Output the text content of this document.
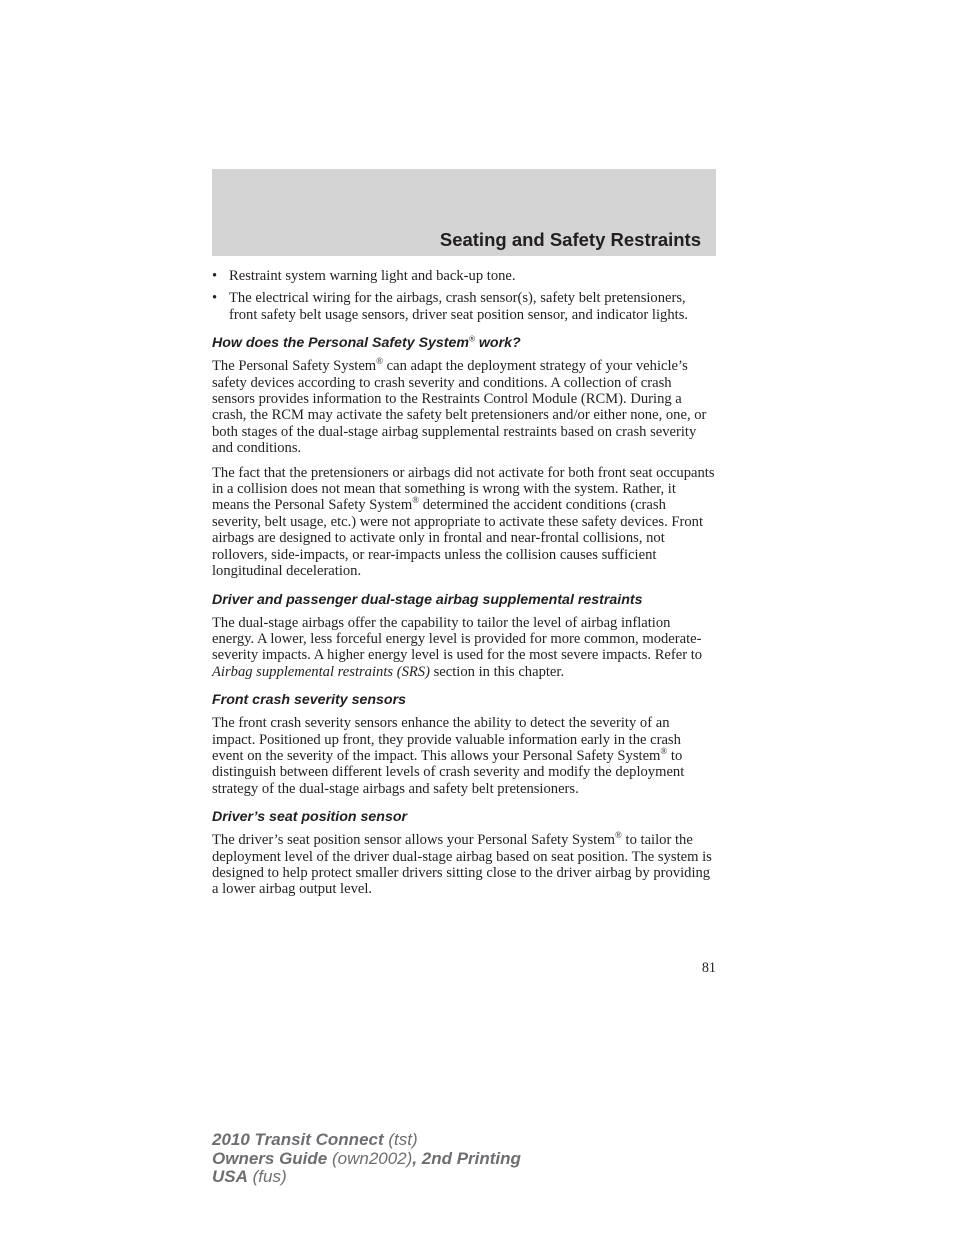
Seating and Safety Restraints
• Restraint system warning light and back-up tone.
• The electrical wiring for the airbags, crash sensor(s), safety belt pretensioners, front safety belt usage sensors, driver seat position sensor, and indicator lights.
How does the Personal Safety System® work?

The Personal Safety System® can adapt the deployment strategy of your vehicle’s safety devices according to crash severity and conditions. A collection of crash sensors provides information to the Restraints Control Module (RCM). During a crash, the RCM may activate the safety belt pretensioners and/or either none, one, or both stages of the dual-stage airbag supplemental restraints based on crash severity and conditions.

The fact that the pretensioners or airbags did not activate for both front seat occupants in a collision does not mean that something is wrong with the system. Rather, it means the Personal Safety System® determined the accident conditions (crash severity, belt usage, etc.) were not appropriate to activate these safety devices. Front airbags are designed to activate only in frontal and near-frontal collisions, not rollovers, side-impacts, or rear-impacts unless the collision causes sufficient longitudinal deceleration.

Driver and passenger dual-stage airbag supplemental restraints

The dual-stage airbags offer the capability to tailor the level of airbag inflation energy. A lower, less forceful energy level is provided for more common, moderate-severity impacts. A higher energy level is used for the most severe impacts. Refer to Airbag supplemental restraints (SRS) section in this chapter.

Front crash severity sensors

The front crash severity sensors enhance the ability to detect the severity of an impact. Positioned up front, they provide valuable information early in the crash event on the severity of the impact. This allows your Personal Safety System® to distinguish between different levels of crash severity and modify the deployment strategy of the dual-stage airbags and safety belt pretensioners.

Driver’s seat position sensor

The driver’s seat position sensor allows your Personal Safety System® to tailor the deployment level of the driver dual-stage airbag based on seat position. The system is designed to help protect smaller drivers sitting close to the driver airbag by providing a lower airbag output level.

81
2010 Transit Connect (tst)
Owners Guide (own2002), 2nd Printing
USA (fus)
